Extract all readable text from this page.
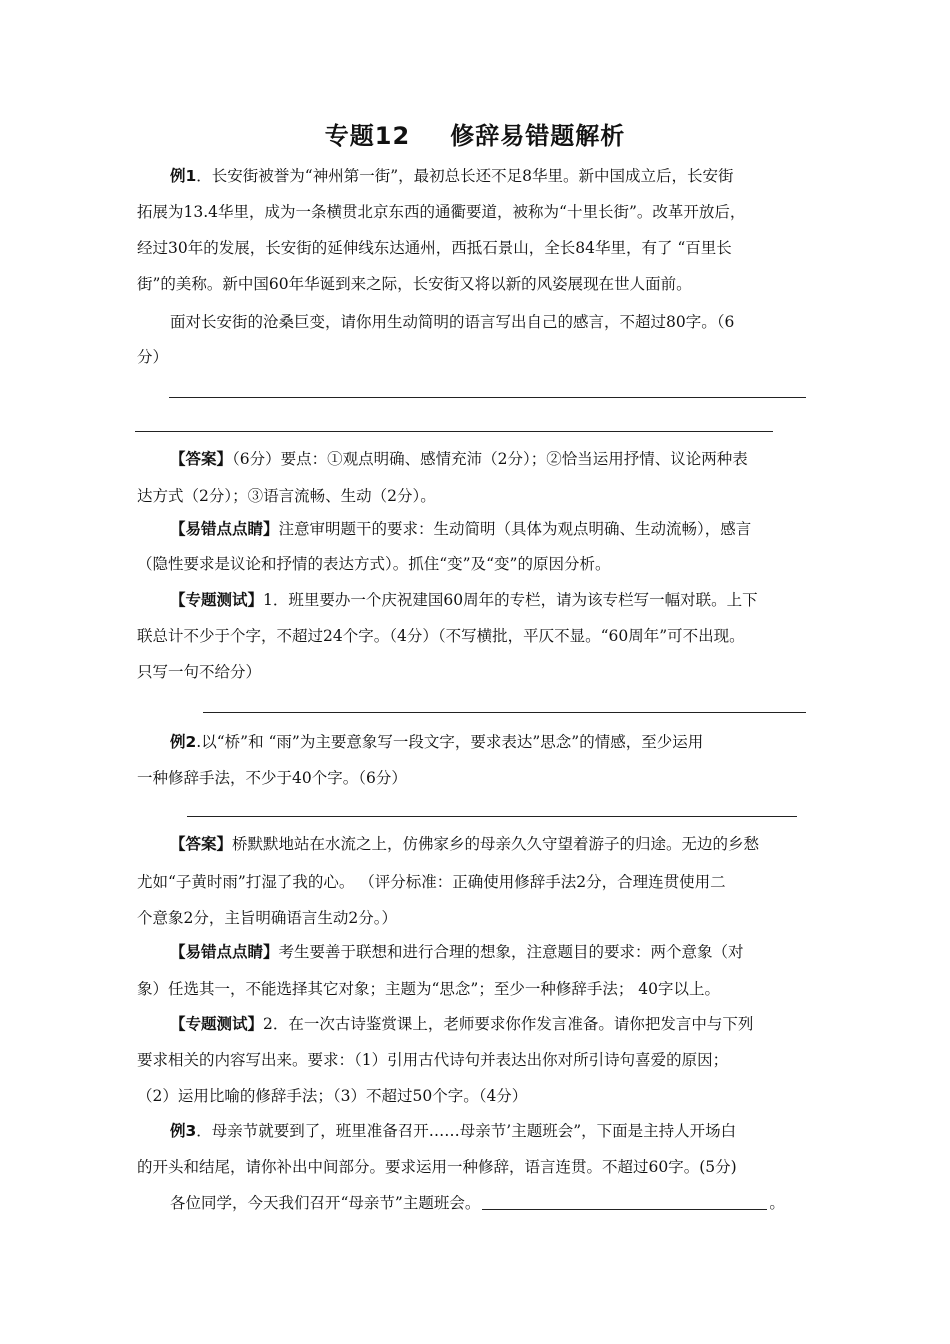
专题12 修辞易错题解析
例1．长安街被誉为“神州第一街”，最初总长还不足8华里。新中国成立后，长安街
拓展为13.4华里，成为一条横贯北京东西的通衢要道，被称为“十里长街”。改革开放后，
经过30年的发展，长安街的延伸线东达通州，西抵石景山，全长84华里，有了 “百里长
街”的美称。新中国60年华诞到来之际，长安街又将以新的风姿展现在世人面前。
面对长安街的沧桑巨变，请你用生动简明的语言写出自己的感言，不超过80字。（6
分）
【答案】（6分）要点：①观点明确、感情充沛（2分）；②恰当运用抒情、议论两种表
达方式（2分）；③语言流畅、生动（2分）。
【易错点点睛】注意审明题干的要求：生动简明（具体为观点明确、生动流畅），感言
（隐性要求是议论和抒情的表达方式）。抓住“变”及“变”的原因分析。
【专题测试】1．班里要办一个庆祝建国60周年的专栏，请为该专栏写一幅对联。上下
联总计不少于个字，不超过24个字。（4分）（不写横批，平仄不显。“60周年”可不出现。
只写一句不给分）
例2.以“桥”和 “雨”为主要意象写一段文字，要求表达”思念”的情感，至少运用
一种修辞手法，不少于40个字。（6分）
【答案】桥默默地站在水流之上，仿佛家乡的母亲久久守望着游子的归途。无边的乡愁
尤如“子黄时雨”打湿了我的心。 （评分标准：正确使用修辞手法2分，合理连贯使用二
个意象2分，主旨明确语言生动2分。）
【易错点点睛】考生要善于联想和进行合理的想象，注意题目的要求：两个意象（对
象）任选其一，不能选择其它对象；主题为“思念”；至少一种修辞手法； 40字以上。
【专题测试】2．在一次古诗鉴赏课上，老师要求你作发言准备。请你把发言中与下列
要求相关的内容写出来。要求：（1）引用古代诗句并表达出你对所引诗句喜爱的原因；
（2）运用比喻的修辞手法；（3）不超过50个字。（4分）
例3．母亲节就要到了，班里准备召开……母亲节’主题班会”，下面是主持人开场白
的开头和结尾，请你补出中间部分。要求运用一种修辞，语言连贯。不超过60字。(5分)
各位同学，今天我们召开“母亲节”主题班会。	。
